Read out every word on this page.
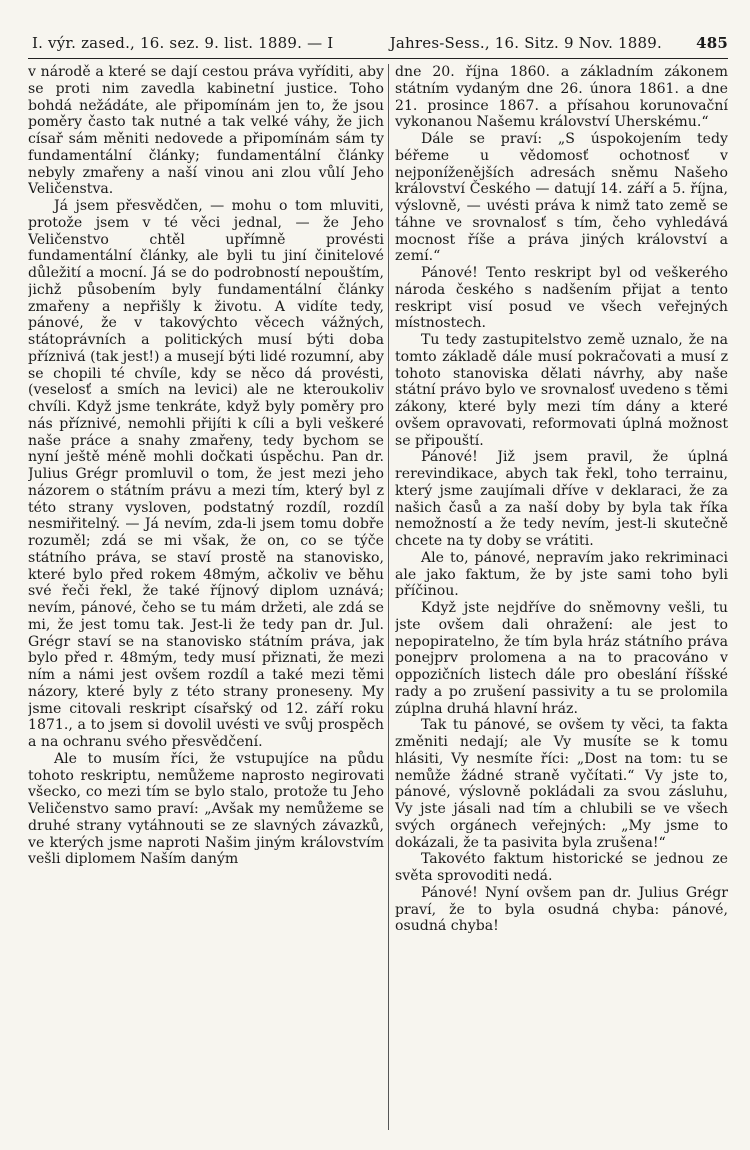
I. výr. zased., 16. sez. 9. list. 1889. — I	Jahres-Sess., 16. Sitz. 9 Nov. 1889. 485

v národě a které se dají cestou práva vyříditi, aby se proti nim zavedla kabinetní justice. Toho bohdá nežádáte, ale připomínám jen to, že jsou poměry často tak nutné a tak velké váhy, že jich císař sám měniti nedovede a připomínám sám ty fundamentální články; fundamentální články nebyly zmařeny a naší vinou ani zlou vůlí Jeho Veličenstva.

Já jsem přesvědčen, — mohu o tom mluviti, protože jsem v té věci jednal, — že Jeho Veličenstvo chtěl upřímně provésti fundamentální články, ale byli tu jiní činitelové důležití a mocní. Já se do podrobností nepouštím, jichž působením byly fundamentální články zmařeny a nepřišly k životu. A vidíte tedy, pánové, že v takovýchto věcech vážných, státoprávních a politických musí býti doba příznivá (tak jest!) a musejí býti lidé rozumní, aby se chopili té chvíle, kdy se něco dá provésti, (veselosť a smích na levici) ale ne kteroukoliv chvíli. Když jsme tenkráte, když byly poměry pro nás příznivé, nemohli přijíti k cíli a byli veškeré naše práce a snahy zmařeny, tedy bychom se nyní ještě méně mohli dočkati úspěchu. Pan dr. Julius Grégr promluvil o tom, že jest mezi jeho názorem o státním právu a mezi tím, který byl z této strany vysloven, podstatný rozdíl, rozdíl nesmiřitelný. — Já nevím, zda-li jsem tomu dobře rozuměl; zdá se mi však, že on, co se týče státního práva, se staví prostě na stanovisko, které bylo před rokem 48mým, ačkoliv ve běhu své řeči řekl, že také říjnový diplom uznává; nevím, pánové, čeho se tu mám držeti, ale zdá se mi, že jest tomu tak. Jest-li že tedy pan dr. Jul. Grégr staví se na stanovisko státním práva, jak bylo před r. 48mým, tedy musí přiznati, že mezi ním a námi jest ovšem rozdíl a také mezi těmi názory, které byly z této strany proneseny. My jsme citovali reskript císařský od 12. září roku 1871., a to jsem si dovolil uvésti ve svůj prospěch a na ochranu svého přesvědčení.

Ale to musím říci, že vstupujíce na půdu tohoto reskriptu, nemůžeme naprosto negirovati všecko, co mezi tím se bylo stalo, protože tu Jeho Veličenstvo samo praví: „Avšak my nemůžeme se druhé strany vytáhnouti se ze slavných závazků, ve kterých jsme naproti Našim jiným královstvím vešli diplomem Naším daným

dne 20. října 1860. a základním zákonem státním vydaným dne 26. února 1861. a dne 21. prosince 1867. a přísahou korunovační vykonanou Našemu království Uherskému.“

Dále se praví: „S úspokojením tedy béřeme u vědomosť ochotnosť v nejponíženějších adresách sněmu Našeho království Českého — datují 14. září a 5. října, výslovně, — uvésti práva k nimž tato země se táhne ve srovnalosť s tím, čeho vyhledává mocnost říše a práva jiných království a zemí.“

Pánové! Tento reskript byl od veškerého národa českého s nadšením přijat a tento reskript visí posud ve všech veřejných místnostech.

Tu tedy zastupitelstvo země uznalo, že na tomto základě dále musí pokračovati a musí z tohoto stanoviska dělati návrhy, aby naše státní právo bylo ve srovnalosť uvedeno s těmi zákony, které byly mezi tím dány a které ovšem opravovati, reformovati úplná možnost se připouští.

Pánové! Již jsem pravil, že úplná rerevindikace, abych tak řekl, toho terrainu, který jsme zaujímali dříve v deklaraci, že za našich časů a za naší doby by byla tak říka nemožností a že tedy nevím, jest-li skutečně chcete na ty doby se vrátiti.

Ale to, pánové, nepravím jako rekriminaci ale jako faktum, že by jste sami toho byli příčinou.

Když jste nejdříve do sněmovny vešli, tu jste ovšem dali ohražení: ale jest to nepopiratelno, že tím byla hráz státního práva ponejprv prolomena a na to pracováno v oppozičních listech dále pro obeslání říšské rady a po zrušení passivity a tu se prolomila zúplna druhá hlavní hráz.

Tak tu pánové, se ovšem ty věci, ta fakta změniti nedají; ale Vy musíte se k tomu hlásiti, Vy nesmíte říci: „Dost na tom: tu se nemůže žádné straně vyčítati.“ Vy jste to, pánové, výslovně pokládali za svou zásluhu, Vy jste jásali nad tím a chlubili se ve všech svých orgánech veřejných: „My jsme to dokázali, že ta pasivita byla zrušena!“

Takovéto faktum historické se jednou ze světa sprovoditi nedá.

Pánové! Nyní ovšem pan dr. Julius Grégr praví, že to byla osudná chyba: pánové, osudná chyba!
